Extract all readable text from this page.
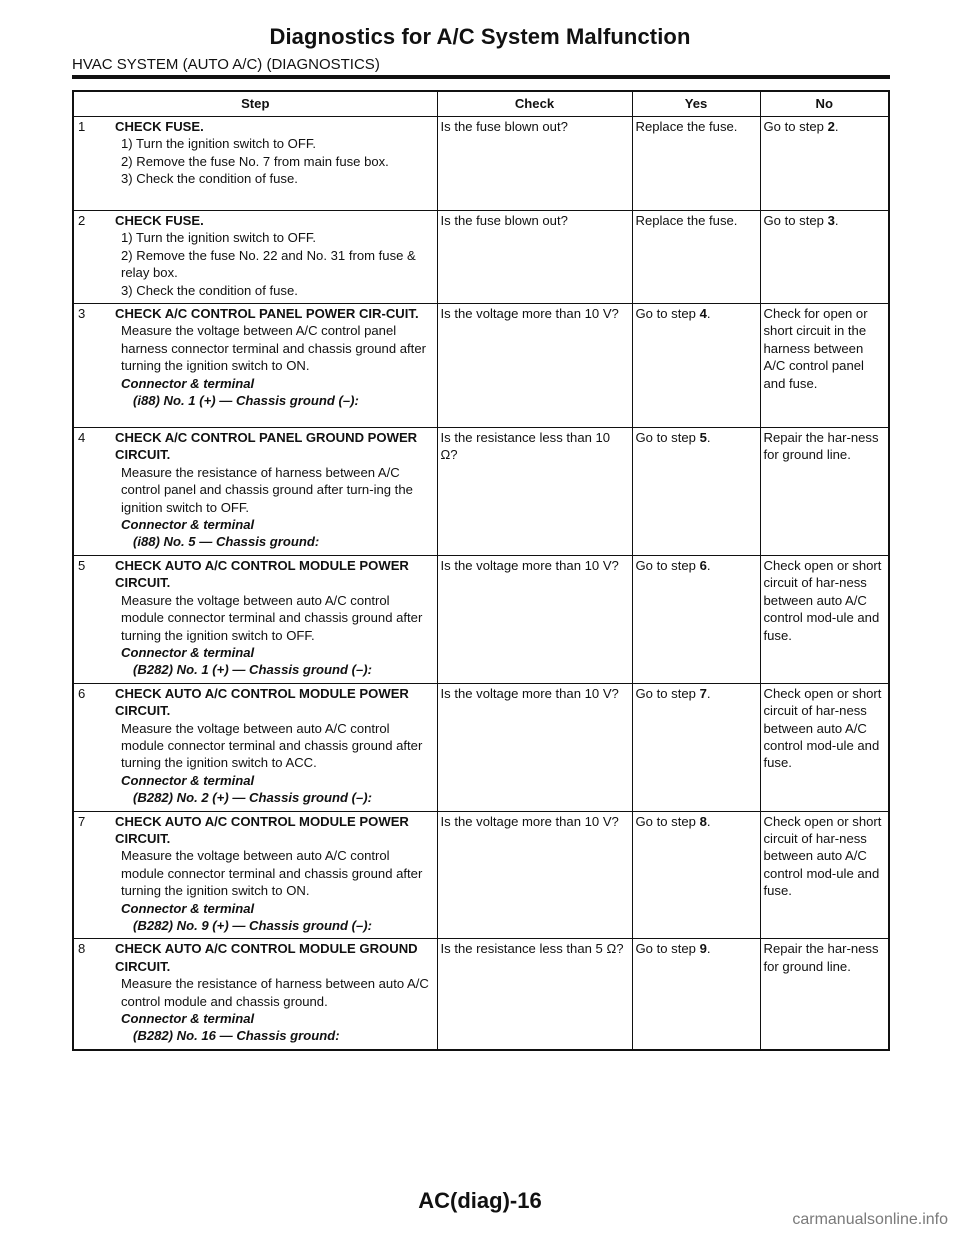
Diagnostics for A/C System Malfunction
HVAC SYSTEM (AUTO A/C) (DIAGNOSTICS)
Step		Check	Yes	No
1	CHECK FUSE.
1) Turn the ignition switch to OFF.
2) Remove the fuse No. 7 from main fuse box.
3) Check the condition of fuse.	Is the fuse blown out?	Replace the fuse.	Go to step 2.
2	CHECK FUSE.
1) Turn the ignition switch to OFF.
2) Remove the fuse No. 22 and No. 31 from fuse & relay box.
3) Check the condition of fuse.	Is the fuse blown out?	Replace the fuse.	Go to step 3.
3	CHECK A/C CONTROL PANEL POWER CIR-CUIT.
Measure the voltage between A/C control panel harness connector terminal and chassis ground after turning the ignition switch to ON.
Connector & terminal
(i88) No. 1 (+) — Chassis ground (–):	Is the voltage more than 10 V?	Go to step 4.	Check for open or short circuit in the harness between A/C control panel and fuse.
4	CHECK A/C CONTROL PANEL GROUND POWER CIRCUIT.
Measure the resistance of harness between A/C control panel and chassis ground after turn-ing the ignition switch to OFF.
Connector & terminal
(i88) No. 5 — Chassis ground:	Is the resistance less than 10 Ω?	Go to step 5.	Repair the har-ness for ground line.
5	CHECK AUTO A/C CONTROL MODULE POWER CIRCUIT.
Measure the voltage between auto A/C control module connector terminal and chassis ground after turning the ignition switch to OFF.
Connector & terminal
(B282) No. 1 (+) — Chassis ground (–):	Is the voltage more than 10 V?	Go to step 6.	Check open or short circuit of har-ness between auto A/C control mod-ule and fuse.
6	CHECK AUTO A/C CONTROL MODULE POWER CIRCUIT.
Measure the voltage between auto A/C control module connector terminal and chassis ground after turning the ignition switch to ACC.
Connector & terminal
(B282) No. 2 (+) — Chassis ground (–):	Is the voltage more than 10 V?	Go to step 7.	Check open or short circuit of har-ness between auto A/C control mod-ule and fuse.
7	CHECK AUTO A/C CONTROL MODULE POWER CIRCUIT.
Measure the voltage between auto A/C control module connector terminal and chassis ground after turning the ignition switch to ON.
Connector & terminal
(B282) No. 9 (+) — Chassis ground (–):	Is the voltage more than 10 V?	Go to step 8.	Check open or short circuit of har-ness between auto A/C control mod-ule and fuse.
8	CHECK AUTO A/C CONTROL MODULE GROUND CIRCUIT.
Measure the resistance of harness between auto A/C control module and chassis ground.
Connector & terminal
(B282) No. 16 — Chassis ground:	Is the resistance less than 5 Ω?	Go to step 9.	Repair the har-ness for ground line.
AC(diag)-16
carmanualsonline.info
